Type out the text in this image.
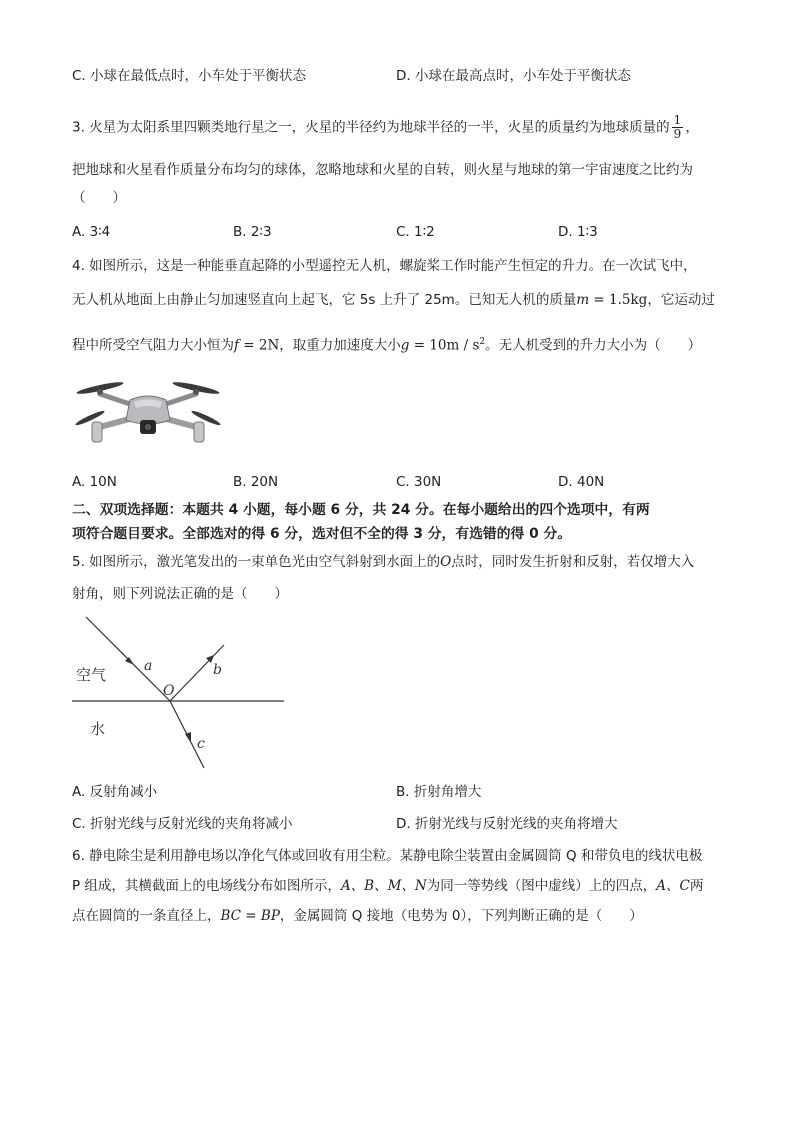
C. 小球在最低点时，小车处于平衡状态	D. 小球在最高点时，小车处于平衡状态
3. 火星为太阳系里四颗类地行星之一，火星的半径约为地球半径的一半，火星的质量约为地球质量的 $\frac{1}{9}$ ，
把地球和火星看作质量分布均匀的球体，忽略地球和火星的自转，则火星与地球的第一宇宙速度之比约为
（　　）
A. 3∶4	B. 2∶3	C. 1∶2	D. 1∶3
4. 如图所示，这是一种能垂直起降的小型遥控无人机，螺旋桨工作时能产生恒定的升力。在一次试飞中，
无人机从地面上由静止匀加速竖直向上起飞，它 5s 上升了 25m。已知无人机的质量m = 1.5kg，它运动过
程中所受空气阻力大小恒为f = 2N，取重力加速度大小$g = 10m / s^2$。无人机受到的升力大小为（　　）
A. 10N	B. 20N	C. 30N	D. 40N
二、双项选择题：本题共 4 小题，每小题 6 分，共 24 分。在每小题给出的四个选项中，有两
项符合题目要求。全部选对的得 6 分，选对但不全的得 3 分，有选错的得 0 分。
5. 如图所示，激光笔发出的一束单色光由空气斜射到水面上的O点时，同时发生折射和反射，若仅增大入
射角，则下列说法正确的是（　　）
空气
水
a	b
c
O
A. 反射角减小	B. 折射角增大
C. 折射光线与反射光线的夹角将减小	D. 折射光线与反射光线的夹角将增大
6. 静电除尘是利用静电场以净化气体或回收有用尘粒。某静电除尘装置由金属圆筒 Q 和带负电的线状电极
P 组成，其横截面上的电场线分布如图所示，A、B、M、N为同一等势线（图中虚线）上的四点，A、C两
点在圆筒的一条直径上，BC = BP，金属圆筒 Q 接地（电势为 0），下列判断正确的是（　　）
